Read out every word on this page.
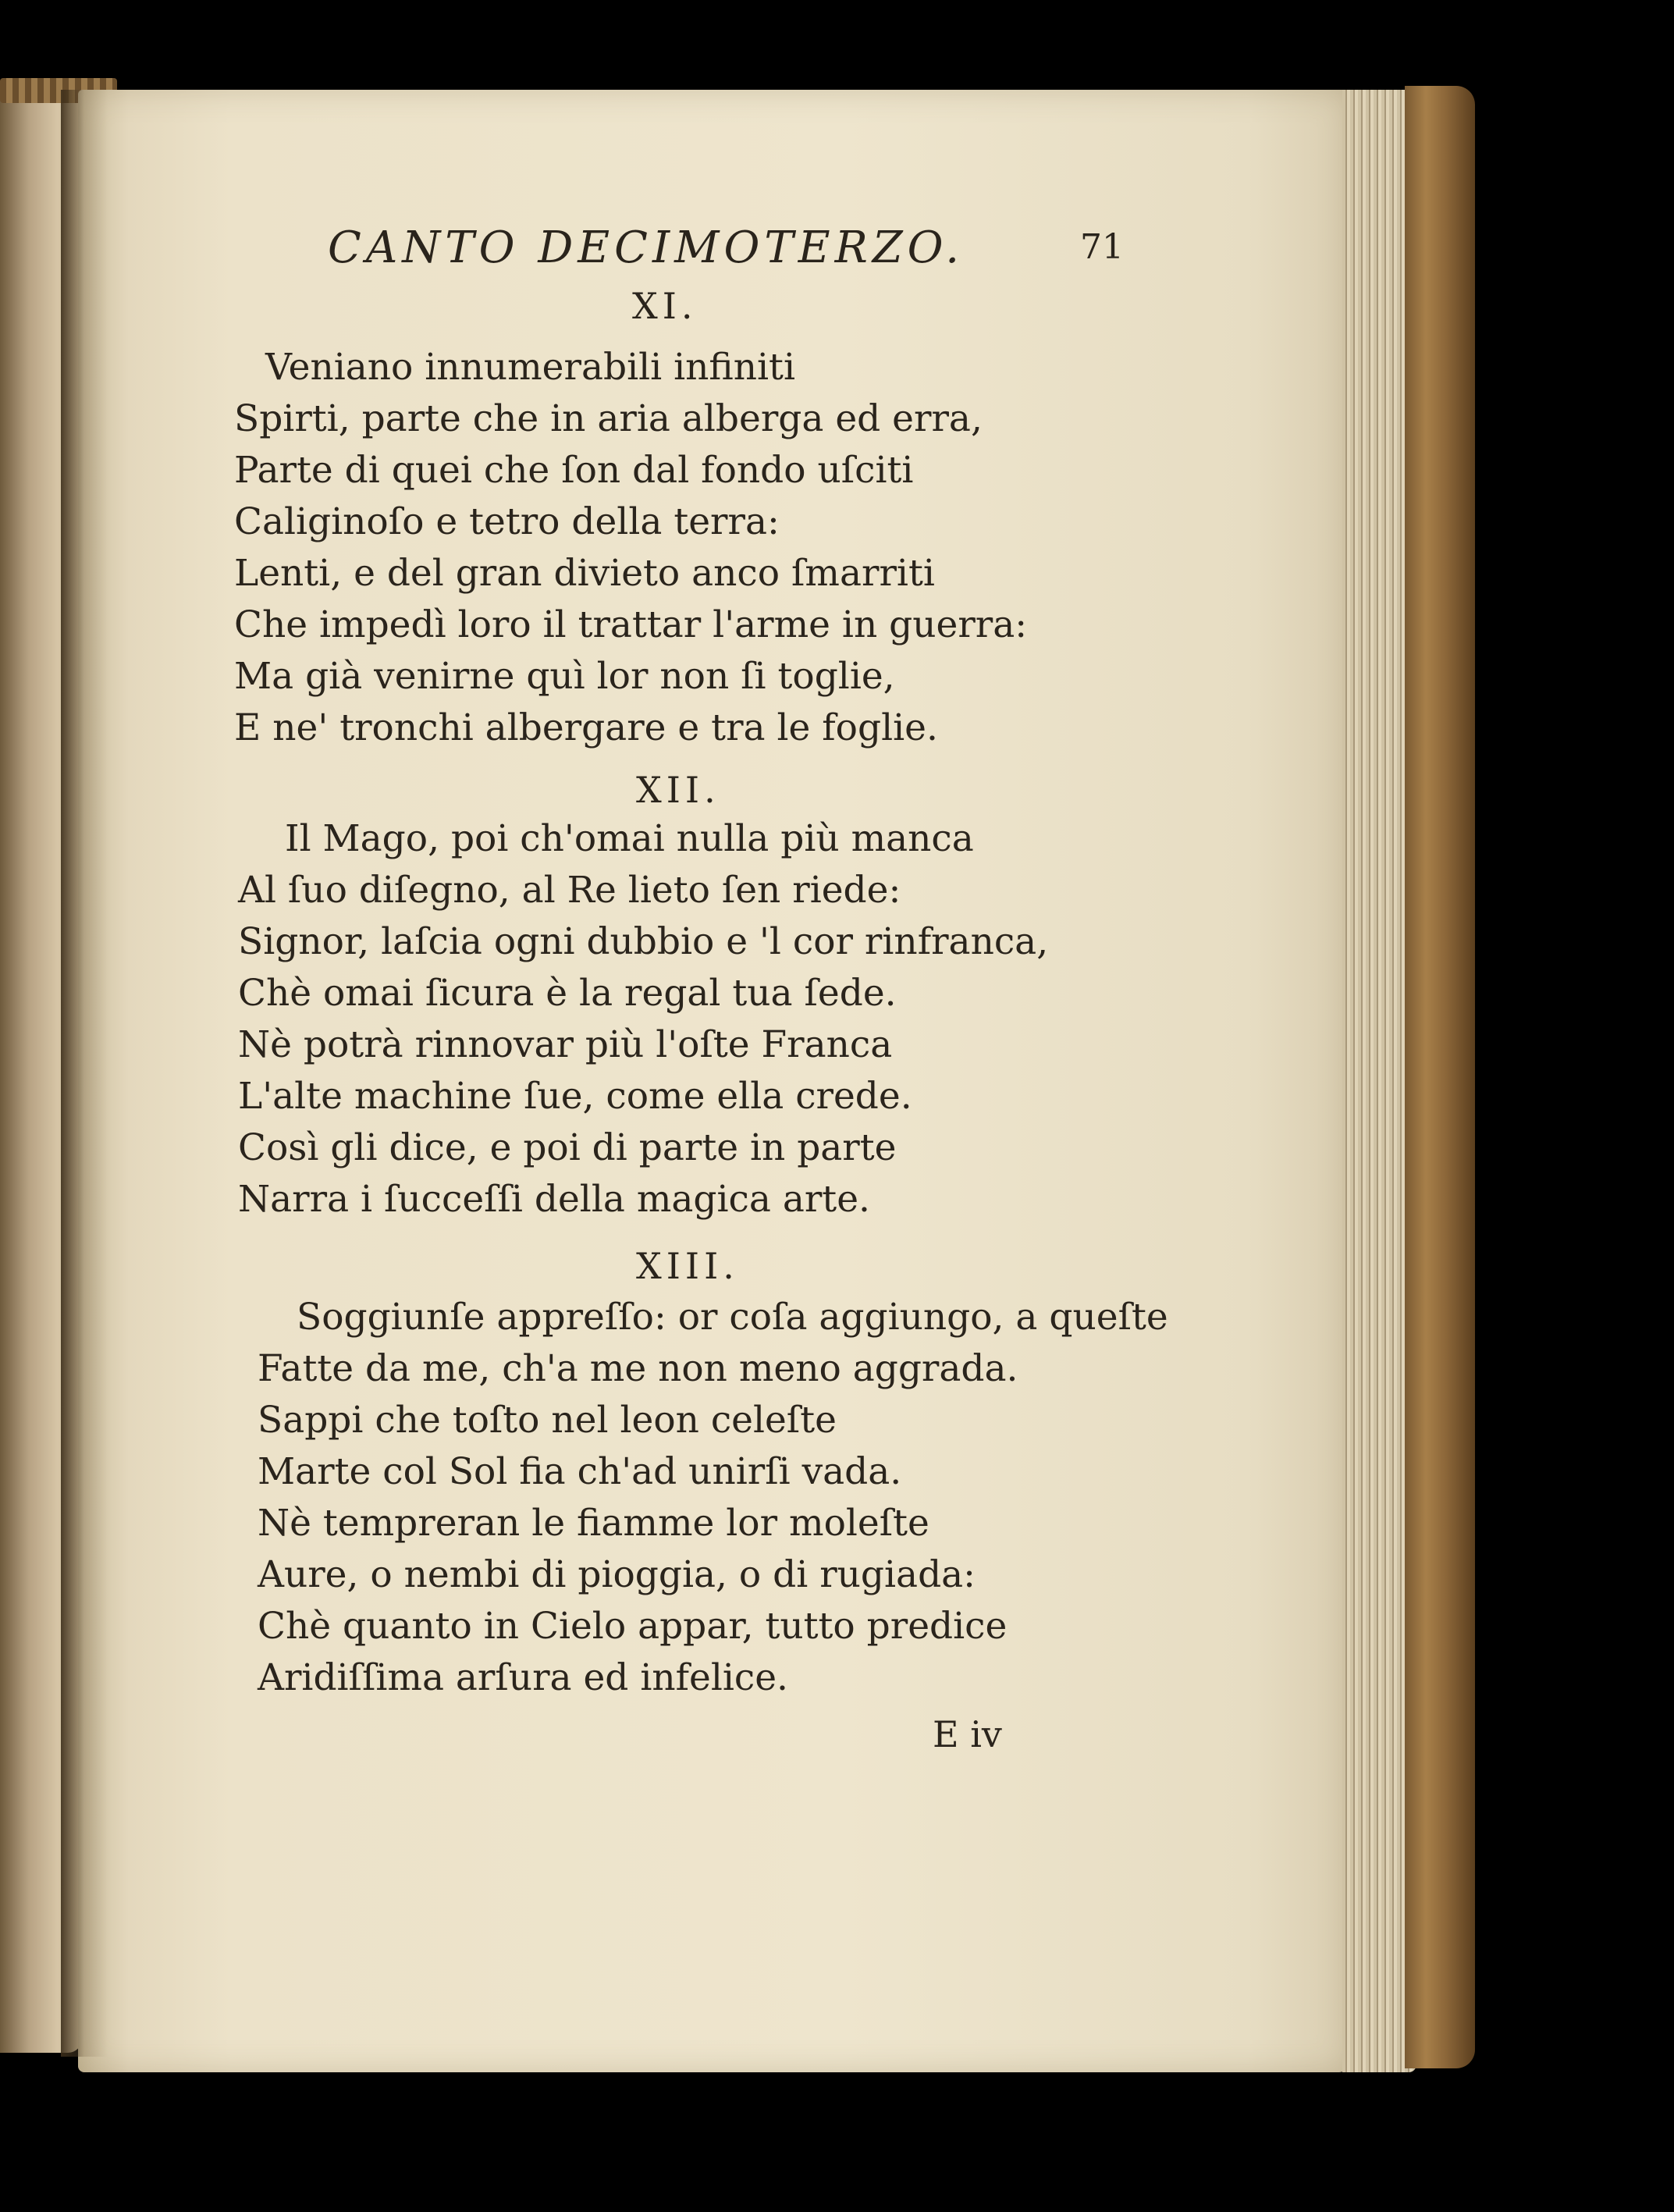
CANTO DECIMOTERZO.	71
XI.
Veniano innumerabili infiniti
Spirti, parte che in aria alberga ed erra,
Parte di quei che ſon dal fondo uſciti
Caliginoſo e tetro della terra:
Lenti, e del gran divieto anco ſmarriti
Che impedì loro il trattar l'arme in guerra:
Ma già venirne quì lor non ſi toglie,
E ne' tronchi albergare e tra le foglie.
XII.
Il Mago, poi ch'omai nulla più manca
Al ſuo diſegno, al Re lieto ſen riede:
Signor, laſcia ogni dubbio e 'l cor rinfranca,
Chè omai ſicura è la regal tua ſede.
Nè potrà rinnovar più l'oſte Franca
L'alte machine ſue, come ella crede.
Così gli dice, e poi di parte in parte
Narra i ſucceſſi della magica arte.
XIII.
Soggiunſe appreſſo: or coſa aggiungo, a queſte
Fatte da me, ch'a me non meno aggrada.
Sappi che toſto nel leon celeſte
Marte col Sol fia ch'ad unirſi vada.
Nè tempreran le fiamme lor moleſte
Aure, o nembi di pioggia, o di rugiada:
Chè quanto in Cielo appar, tutto predice
Aridiſſima arſura ed infelice.
E iv
